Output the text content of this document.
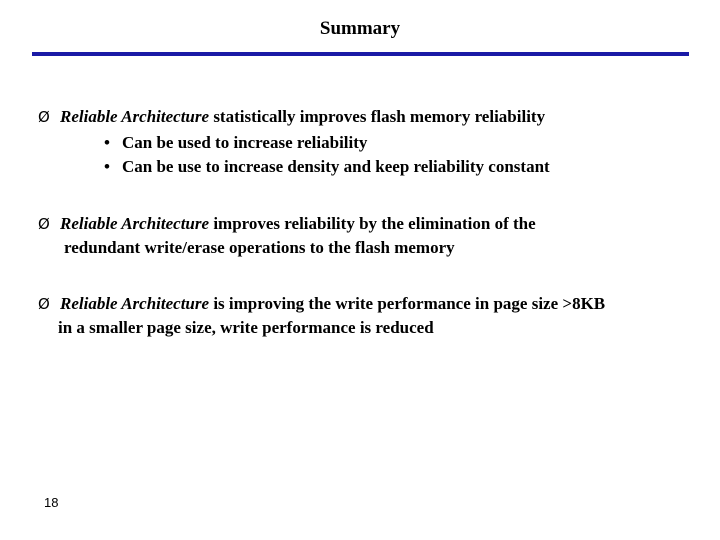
Summary
Ø Reliable Architecture statistically improves flash memory reliability
• Can be used to increase reliability
• Can be use to increase density and keep reliability constant
Ø Reliable Architecture improves reliability by the elimination of the
redundant write/erase operations to the flash memory
Ø Reliable Architecture is improving the write performance in page size >8KB
in a smaller page size, write performance is reduced
18
